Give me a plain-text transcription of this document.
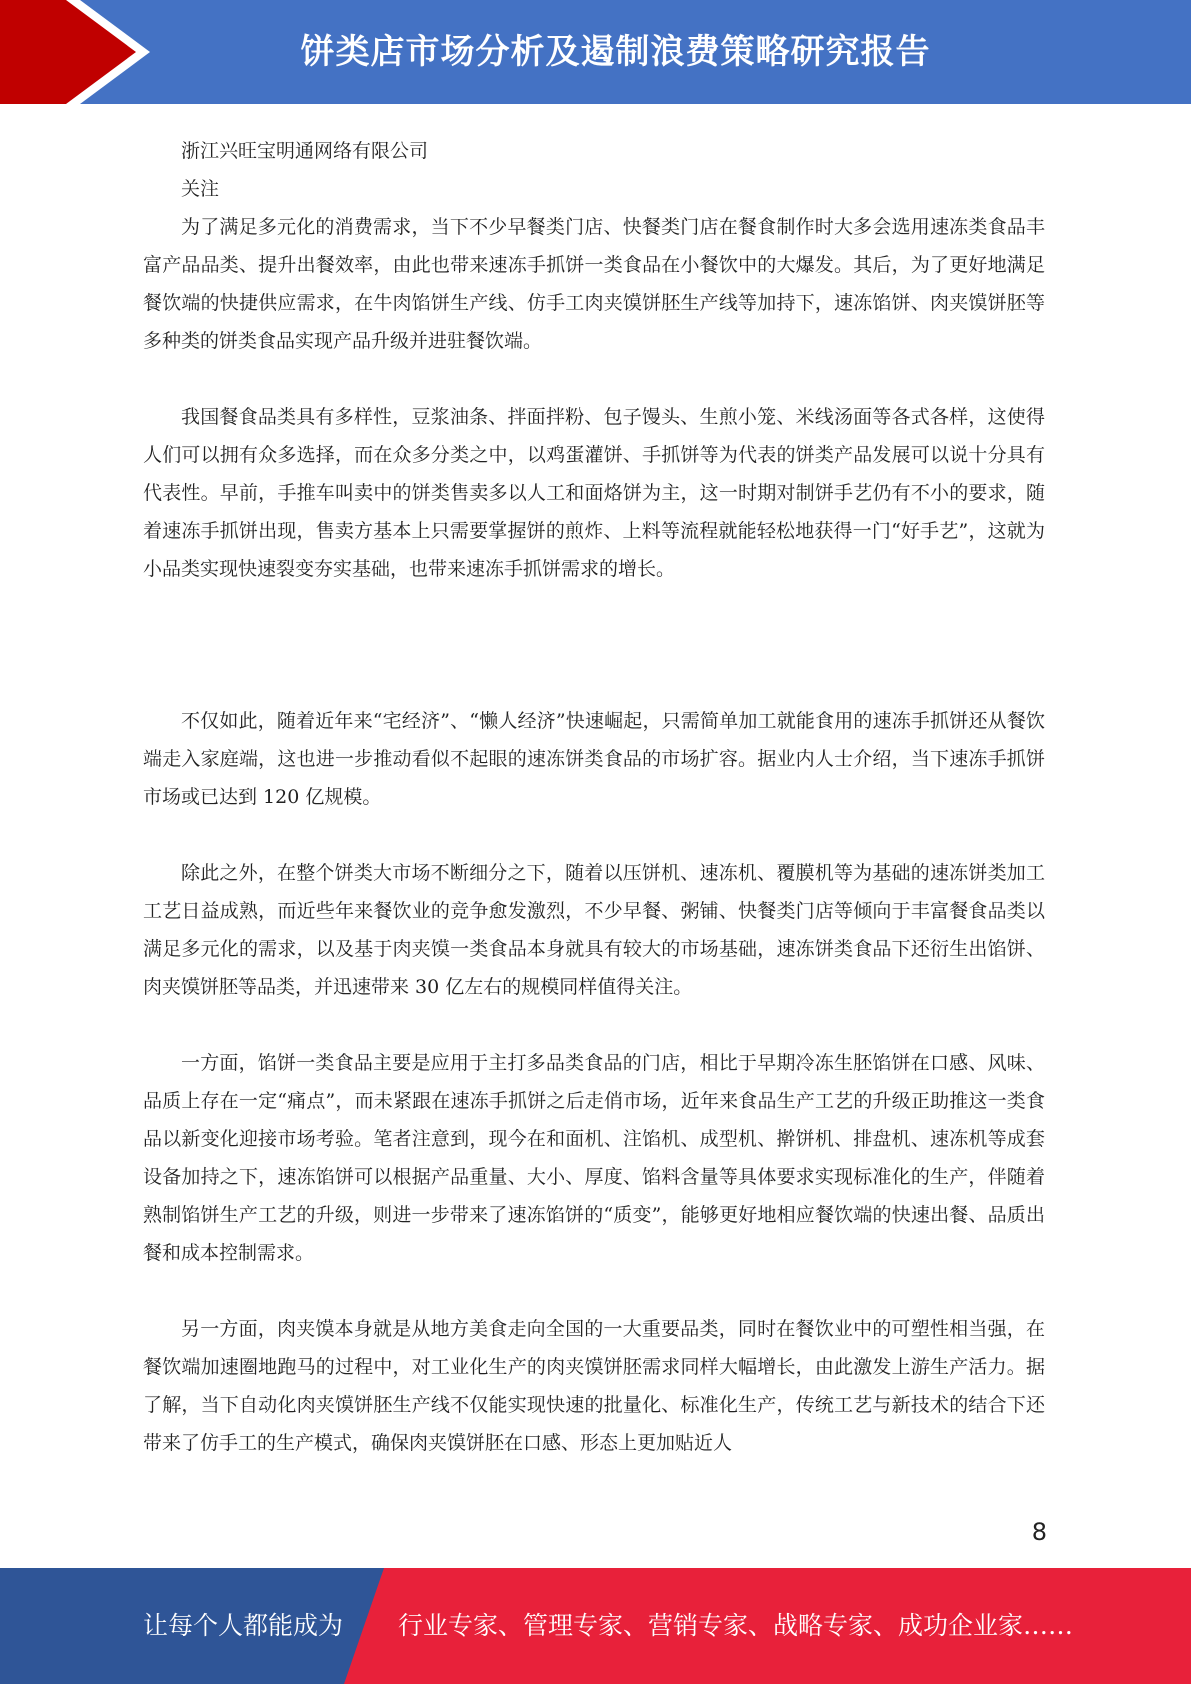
饼类店市场分析及遏制浪费策略研究报告

浙江兴旺宝明通网络有限公司

关注

为了满足多元化的消费需求，当下不少早餐类门店、快餐类门店在餐食制作时大多会选用速冻类食品丰富产品品类、提升出餐效率，由此也带来速冻手抓饼一类食品在小餐饮中的大爆发。其后，为了更好地满足餐饮端的快捷供应需求，在牛肉馅饼生产线、仿手工肉夹馍饼胚生产线等加持下，速冻馅饼、肉夹馍饼胚等多种类的饼类食品实现产品升级并进驻餐饮端。

我国餐食品类具有多样性，豆浆油条、拌面拌粉、包子馒头、生煎小笼、米线汤面等各式各样，这使得人们可以拥有众多选择，而在众多分类之中，以鸡蛋灌饼、手抓饼等为代表的饼类产品发展可以说十分具有代表性。早前，手推车叫卖中的饼类售卖多以人工和面烙饼为主，这一时期对制饼手艺仍有不小的要求，随着速冻手抓饼出现，售卖方基本上只需要掌握饼的煎炸、上料等流程就能轻松地获得一门“好手艺”，这就为小品类实现快速裂变夯实基础，也带来速冻手抓饼需求的增长。

不仅如此，随着近年来“宅经济”、“懒人经济”快速崛起，只需简单加工就能食用的速冻手抓饼还从餐饮端走入家庭端，这也进一步推动看似不起眼的速冻饼类食品的市场扩容。据业内人士介绍，当下速冻手抓饼市场或已达到 120 亿规模。

除此之外，在整个饼类大市场不断细分之下，随着以压饼机、速冻机、覆膜机等为基础的速冻饼类加工工艺日益成熟，而近些年来餐饮业的竞争愈发激烈，不少早餐、粥铺、快餐类门店等倾向于丰富餐食品类以满足多元化的需求，以及基于肉夹馍一类食品本身就具有较大的市场基础，速冻饼类食品下还衍生出馅饼、肉夹馍饼胚等品类，并迅速带来 30 亿左右的规模同样值得关注。

一方面，馅饼一类食品主要是应用于主打多品类食品的门店，相比于早期冷冻生胚馅饼在口感、风味、品质上存在一定“痛点”，而未紧跟在速冻手抓饼之后走俏市场，近年来食品生产工艺的升级正助推这一类食品以新变化迎接市场考验。笔者注意到，现今在和面机、注馅机、成型机、擀饼机、排盘机、速冻机等成套设备加持之下，速冻馅饼可以根据产品重量、大小、厚度、馅料含量等具体要求实现标准化的生产，伴随着熟制馅饼生产工艺的升级，则进一步带来了速冻馅饼的“质变”，能够更好地相应餐饮端的快速出餐、品质出餐和成本控制需求。

另一方面，肉夹馍本身就是从地方美食走向全国的一大重要品类，同时在餐饮业中的可塑性相当强，在餐饮端加速圈地跑马的过程中，对工业化生产的肉夹馍饼胚需求同样大幅增长，由此激发上游生产活力。据了解，当下自动化肉夹馍饼胚生产线不仅能实现快速的批量化、标准化生产，传统工艺与新技术的结合下还带来了仿手工的生产模式，确保肉夹馍饼胚在口感、形态上更加贴近人

8
让每个人都能成为 行业专家、管理专家、营销专家、战略专家、成功企业家……
